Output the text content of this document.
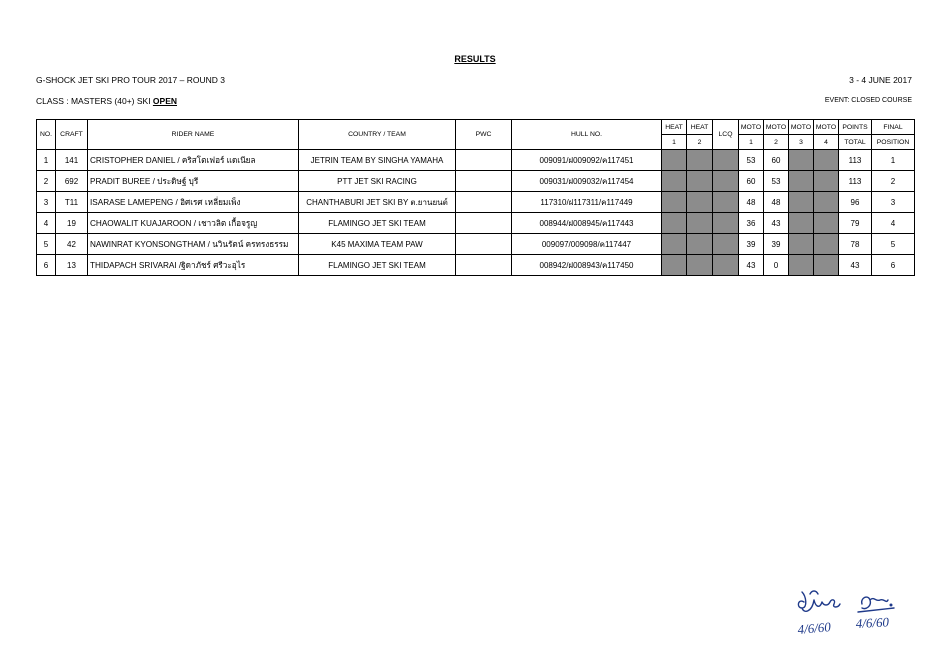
RESULTS
G-SHOCK JET SKI PRO TOUR 2017 – ROUND 3	3 - 4 JUNE 2017
CLASS : MASTERS (40+) SKI OPEN	EVENT: CLOSED COURSE
NO.	CRAFT	RIDER NAME	COUNTRY / TEAM	PWC	HULL NO.	HEAT	HEAT	LCQ	MOTO	MOTO	MOTO	MOTO	POINTS	FINAL
						1	2		1	2	3	4	TOTAL	POSITION
1	141	CRISTOPHER DANIEL / คริสโตเฟอร์ แดเนียล	JETRIN TEAM BY SINGHA YAMAHA		009091/ฝ009092/ค117451				53	60			113	1
2	692	PRADIT BUREE / ประดิษฐ์ บุรี	PTT JET SKI RACING		009031/ฝ009032/ค117454				60	53			113	2
3	T11	ISARASE LAMEPENG / อิศเรศ เหลี่ยมเพ็ง	CHANTHABURI JET SKI BY ต.ยานยนต์		117310/ฝ117311/ค117449				48	48			96	3
4	19	CHAOWALIT KUAJAROON / เชาวลิต เกื้อจรูญ	FLAMINGO JET SKI TEAM		008944/ฝ008945/ค117443				36	43			79	4
5	42	NAWINRAT KYONSONGTHAM / นวินรัตน์ ครทรงธรรม	K45 MAXIMA TEAM PAW		009097/009098/ค117447				39	39			78	5
6	13	THIDAPACH SRIVARAI /ฐิดาภัชร์ ศรีวะอุไร	FLAMINGO JET SKI TEAM		008942/ฝ008943/ค117450				43	0			43	6
4/6/60 4/6/60
